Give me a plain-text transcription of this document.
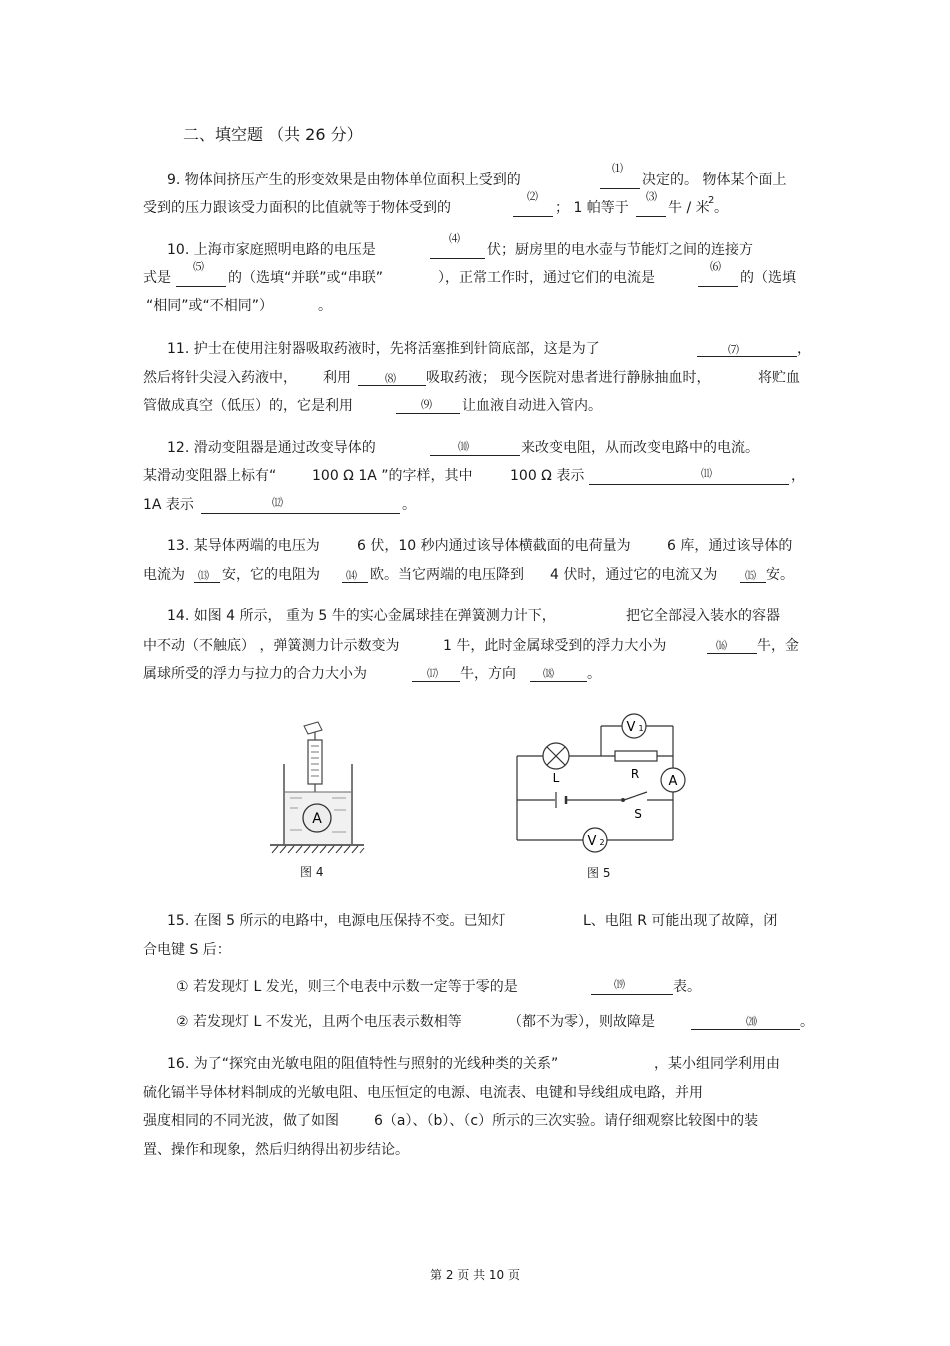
二、填空题 （共 26 分）
9. 物体间挤压产生的形变效果是由物体单位面积上受到的
⑴
决定的。 物体某个面上
受到的压力跟该受力面积的比值就等于物体受到的
⑵
； 1 帕等于
⑶
牛 / 米
2 。
10. 上海市家庭照明电路的电压是
⑷
伏；厨房里的电水壶与节能灯之间的连接方
式是
⑸
的（选填“并联”或“串联”	），正常工作时，通过它们的电流是
⑹
的（选填
“相同”或“不相同”）	。
11. 护士在使用注射器吸取药液时，先将活塞推到针筒底部，这是为了	⑺	，
然后将针尖浸入药液中， 利用	⑻ 吸取药液； 现今医院对患者进行静脉抽血时，	将贮血
管做成真空（低压）的，它是利用	⑼ 让血液自动进入管内。
12. 滑动变阻器是通过改变导体的	⑽	来改变电阻，从而改变电路中的电流。
某滑动变阻器上标有“	100 Ω 1A ”的字样，其中	100 Ω 表示	⑾	，
1A 表示	⑿	。
13. 某导体两端的电压为	6 伏，10 秒内通过该导体横截面的电荷量为	6 库，通过该导体的
电流为 ⒀ 安，它的电阻为 ⒁ 欧。当它两端的电压降到 4 伏时，通过它的电流又为	⒂ 安。
14. 如图 4 所示， 重为 5 牛的实心金属球挂在弹簧测力计下，	把它全部浸入装水的容器
中不动（不触底） ，弹簧测力计示数变为	1 牛，此时金属球受到的浮力大小为	⒃ 牛，金
属球所受的浮力与拉力的合力大小为	⒄ 牛，方向 ⒅ 。
A
图 4
L	R
V 1
A
S
V 2
图 5
15. 在图 5 所示的电路中，电源电压保持不变。已知灯	L、电阻 R 可能出现了故障，闭
合电键 S 后：
① 若发现灯 L 发光，则三个电表中示数一定等于零的是	⒆	表。
② 若发现灯 L 不发光，且两个电压表示数相等	（都不为零），则故障是	⒇	。
16. 为了“探究由光敏电阻的阻值特性与照射的光线种类的关系”	，某小组同学利用由
硫化镉半导体材料制成的光敏电阻、电压恒定的电源、电流表、电键和导线组成电路，并用
强度相同的不同光波，做了如图	6（a）、（b）、（c）所示的三次实验。请仔细观察比较图中的装
置、操作和现象，然后归纳得出初步结论。
第 2 页 共 10 页
